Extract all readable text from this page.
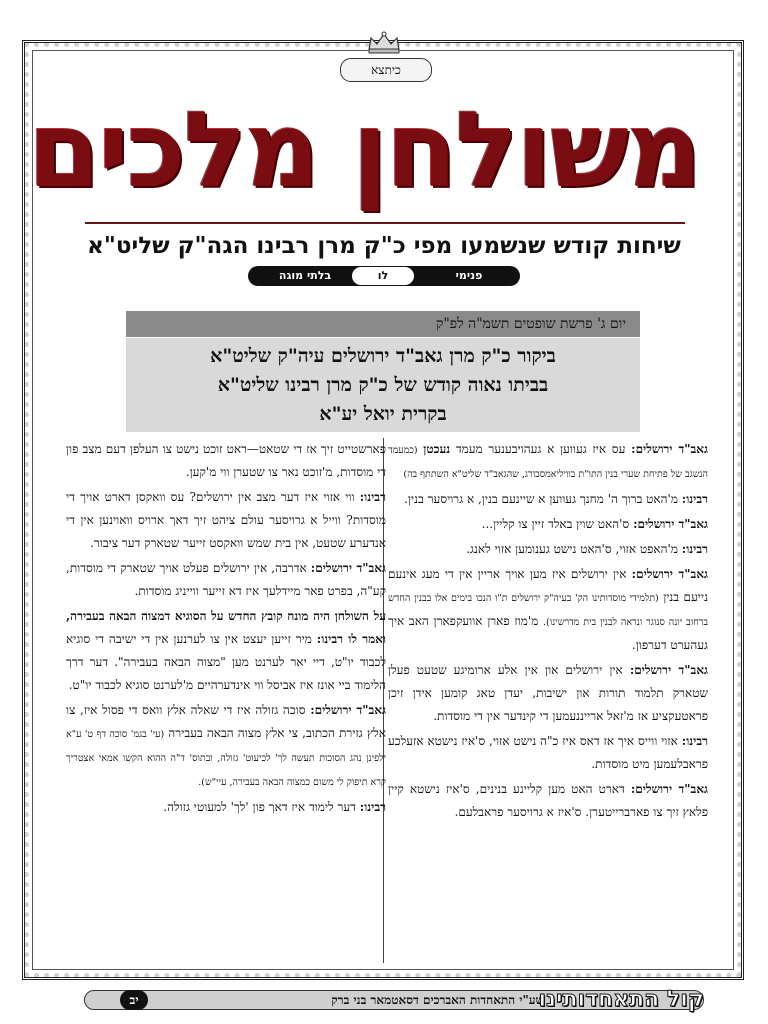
כיתצא
משולחן מלכים
שיחות קודש שנשמעו מפי כ"ק מרן רבינו הגה"ק שליט"א
פנימי
לו
בלתי מוגה
יום ג' פרשת שופטים תשמ"ה לפ"ק
ביקור כ"ק מרן גאב"ד ירושלים עיה"ק שליט"א
בביתו נאוה קודש של כ"ק מרן רבינו שליט"א
בקרית יואל יע"א

גאב"ד ירושלים: עס איז געווען א געהויבענער מעמד נעכטן (כמעמד הנשגב של פתיחת שערי בנין התו"ת בוויליאמסבורג, שהגאב"ד שליט"א השתתף בה)

רבינו: מ'האט ברוך ה' מחנך געווען א שיינעם בנין, א גרויסער בנין.

גאב"ד ירושלים: ס'האט שוין באלד זיין צו קליין...

רבינו: מ'האפט אזוי, ס'האט נישט גענומען אזוי לאנג.

גאב"ד ירושלים: אין ירושלים איז מען אויך אריין אין די מעג אינעם נייעם בנין (תלמידי מוסדותינו הק' בעיה"ק ירושלים ת"ו הנכו בימים אלו בבנין החדש ברחוב יונה סנוגר ונראה לבנין בית מדרשינו). מ'מוז פארן אוועקפארן האב איך געהערט דערפון.

גאב"ד ירושלים: אין ירושלים און אין אלע ארומיגע שטעט פעלן שטארק תלמוד תורות און ישיבות, יעדן טאג קומען אידן זיכן פראטעקציע אז מ'זאל ארייננעמען די קינדער אין די מוסדות.

רבינו: אזוי ווייס איך אז דאס איז כ"ה נישט אזוי, ס'איז נישטא אזעלכע פראבלעמען מיט מוסדות.

גאב"ד ירושלים: דארט האט מען קליינע בנינים, ס'איז נישטא קיין פלאץ זיך צו פארברייטערן. ס'איז א גרויסער פראבלעם.

פארשטייט זיך אז די שטאט—ראט זוכט נישט צו העלפן דעם מצב פון די מוסדות, מ'זוכט נאר צו שטערן ווי מ'קען.

רבינו: ווי אזוי איז דער מצב אין ירושלים? עס וואקסן דארט אויך די מוסדות? ווייל א גרויסער עולם ציהט זיך דאך ארויס וואוינען אין די אנדערע שטעט, אין בית שמש וואקסט זייער שטארק דער ציבור.

גאב"ד ירושלים: אדרבה, אין ירושלים פעלט אויך שטארק די מוסדות, קע"ה, בפרט פאר מיידלעך איז דא זייער ווייניג מוסדות.

על השולחן היה מונח קובץ החדש על הסוגיא דמצוה הבאה בעבירה, ואמר לו רבינו: מיר זייען יעצט אין צו לערנען אין די ישיבה די סוגיא לכבוד יו"ט, דיי יאר לערנט מען "מצוה הבאה בעבירה". דער דרך הלימוד ביי אונז איז אביסל ווי אינדערהיים מ'לערנט סוגיא לכבוד יו"ט.

גאב"ד ירושלים: סוכה גזולה איז די שאלה אלץ וואס די פסול איז, צו אלץ גזירת הכתוב, צי אלץ מצוה הבאה בעבירה (עי' בגמ' סוכה דף ט' ע"א ילפינן נהג הסוכות תעשה לך' לכיעוט' גזולה, ובתוס' ד"ה ההוא הקשו אמאי אצטריך קרא תיפוק לי משום כמצוה הבאה בעבירה, עיי"ש).

רבינו: דער לימוד איז דאך פון 'לך' למעוטי גזולה.

שע"י התאחדות האברכים דסאטמאר בני ברק
קול התאחדותינו
יב
